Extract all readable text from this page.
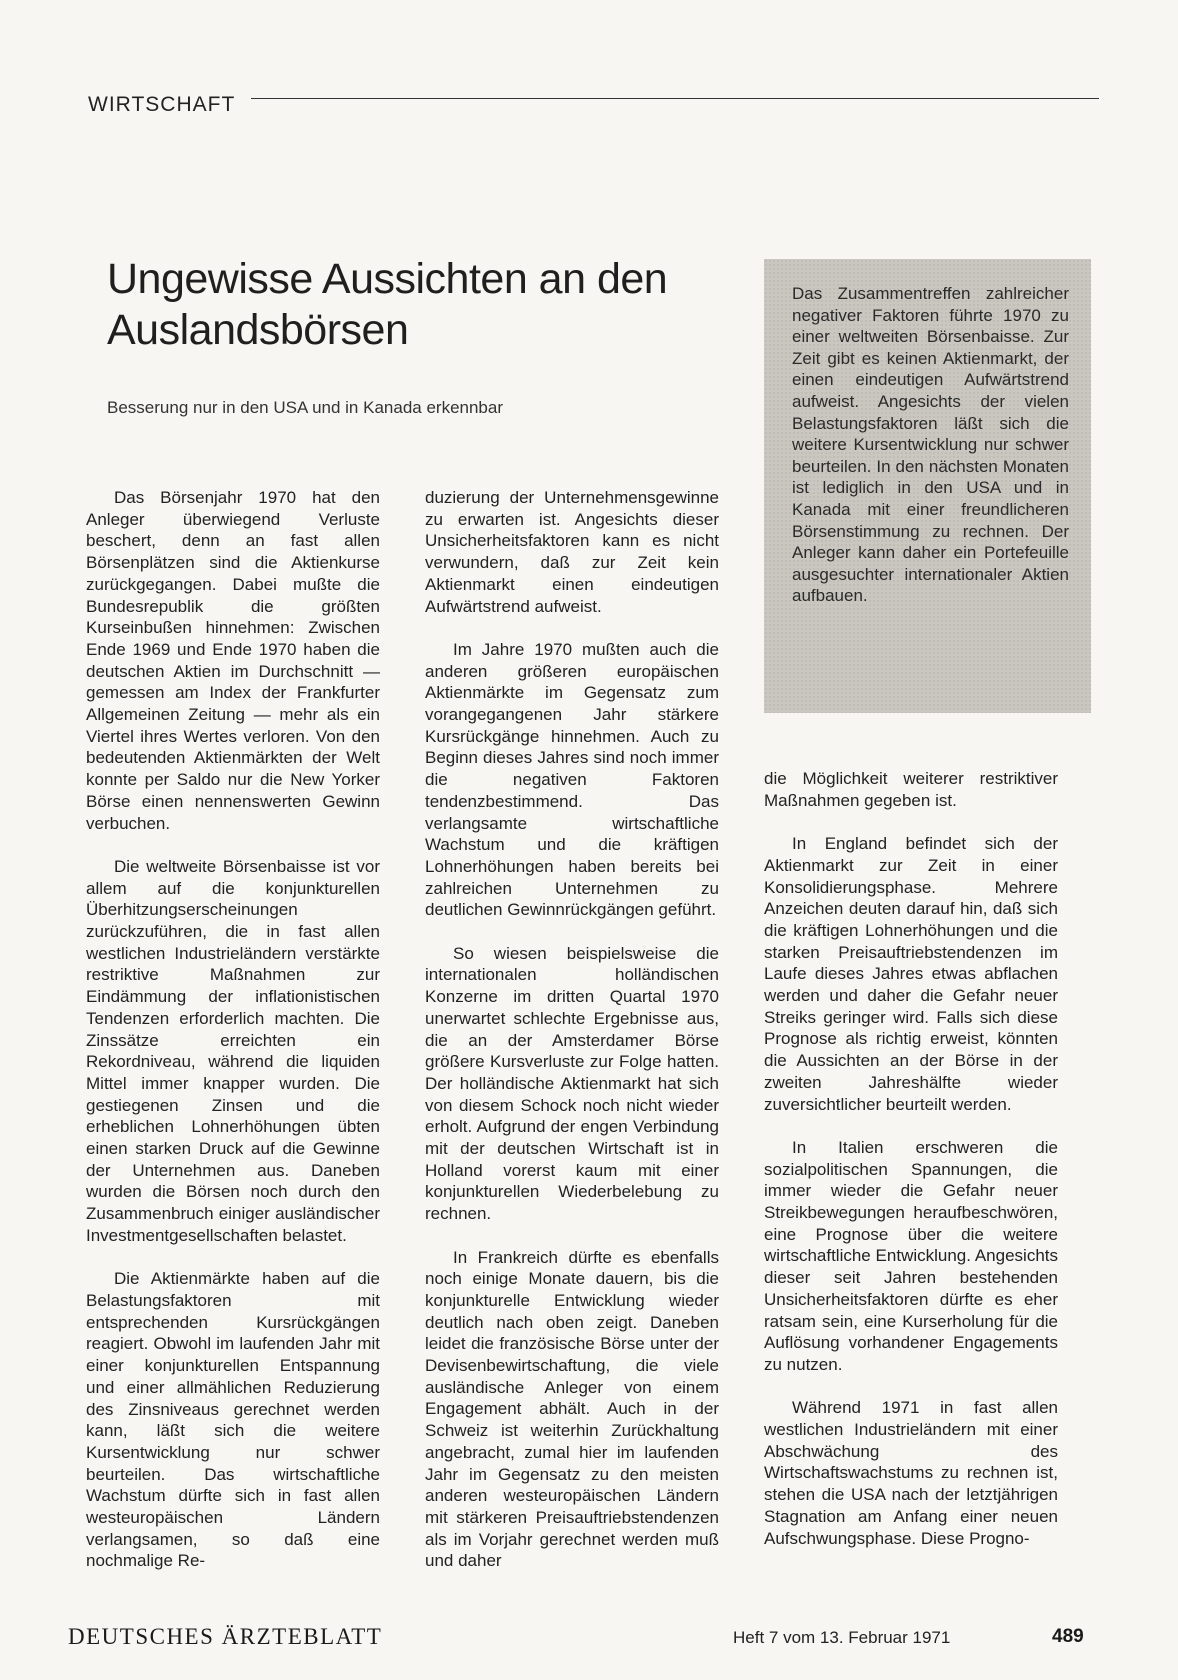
WIRTSCHAFT
Ungewisse Aussichten an den Auslandsbörsen

Besserung nur in den USA und in Kanada erkennbar

Das Zusammentreffen zahlreicher negativer Faktoren führte 1970 zu einer weltweiten Börsenbaisse. Zur Zeit gibt es keinen Aktienmarkt, der einen eindeutigen Aufwärtstrend aufweist. Angesichts der vielen Belastungsfaktoren läßt sich die weitere Kursentwicklung nur schwer beurteilen. In den nächsten Monaten ist lediglich in den USA und in Kanada mit einer freundlicheren Börsenstimmung zu rechnen. Der Anleger kann daher ein Portefeuille ausgesuchter internationaler Aktien aufbauen.

Das Börsenjahr 1970 hat den Anleger überwiegend Verluste beschert, denn an fast allen Börsenplätzen sind die Aktienkurse zurückgegangen. Dabei mußte die Bundesrepublik die größten Kurseinbußen hinnehmen: Zwischen Ende 1969 und Ende 1970 haben die deutschen Aktien im Durchschnitt — gemessen am Index der Frankfurter Allgemeinen Zeitung — mehr als ein Viertel ihres Wertes verloren. Von den bedeutenden Aktienmärkten der Welt konnte per Saldo nur die New Yorker Börse einen nennenswerten Gewinn verbuchen.

Die weltweite Börsenbaisse ist vor allem auf die konjunkturellen Überhitzungserscheinungen zurückzuführen, die in fast allen westlichen Industrieländern verstärkte restriktive Maßnahmen zur Eindämmung der inflationistischen Tendenzen erforderlich machten. Die Zinssätze erreichten ein Rekordniveau, während die liquiden Mittel immer knapper wurden. Die gestiegenen Zinsen und die erheblichen Lohnerhöhungen übten einen starken Druck auf die Gewinne der Unternehmen aus. Daneben wurden die Börsen noch durch den Zusammenbruch einiger ausländischer Investmentgesellschaften belastet.

Die Aktienmärkte haben auf die Belastungsfaktoren mit entsprechenden Kursrückgängen reagiert. Obwohl im laufenden Jahr mit einer konjunkturellen Entspannung und einer allmählichen Reduzierung des Zinsniveaus gerechnet werden kann, läßt sich die weitere Kursentwicklung nur schwer beurteilen. Das wirtschaftliche Wachstum dürfte sich in fast allen westeuropäischen Ländern verlangsamen, so daß eine nochmalige Re-

duzierung der Unternehmensgewinne zu erwarten ist. Angesichts dieser Unsicherheitsfaktoren kann es nicht verwundern, daß zur Zeit kein Aktienmarkt einen eindeutigen Aufwärtstrend aufweist.

Im Jahre 1970 mußten auch die anderen größeren europäischen Aktienmärkte im Gegensatz zum vorangegangenen Jahr stärkere Kursrückgänge hinnehmen. Auch zu Beginn dieses Jahres sind noch immer die negativen Faktoren tendenzbestimmend. Das verlangsamte wirtschaftliche Wachstum und die kräftigen Lohnerhöhungen haben bereits bei zahlreichen Unternehmen zu deutlichen Gewinnrückgängen geführt.

So wiesen beispielsweise die internationalen holländischen Konzerne im dritten Quartal 1970 unerwartet schlechte Ergebnisse aus, die an der Amsterdamer Börse größere Kursverluste zur Folge hatten. Der holländische Aktienmarkt hat sich von diesem Schock noch nicht wieder erholt. Aufgrund der engen Verbindung mit der deutschen Wirtschaft ist in Holland vorerst kaum mit einer konjunkturellen Wiederbelebung zu rechnen.

In Frankreich dürfte es ebenfalls noch einige Monate dauern, bis die konjunkturelle Entwicklung wieder deutlich nach oben zeigt. Daneben leidet die französische Börse unter der Devisenbewirtschaftung, die viele ausländische Anleger von einem Engagement abhält. Auch in der Schweiz ist weiterhin Zurückhaltung angebracht, zumal hier im laufenden Jahr im Gegensatz zu den meisten anderen westeuropäischen Ländern mit stärkeren Preisauftriebstendenzen als im Vorjahr gerechnet werden muß und daher

die Möglichkeit weiterer restriktiver Maßnahmen gegeben ist.

In England befindet sich der Aktienmarkt zur Zeit in einer Konsolidierungsphase. Mehrere Anzeichen deuten darauf hin, daß sich die kräftigen Lohnerhöhungen und die starken Preisauftriebstendenzen im Laufe dieses Jahres etwas abflachen werden und daher die Gefahr neuer Streiks geringer wird. Falls sich diese Prognose als richtig erweist, könnten die Aussichten an der Börse in der zweiten Jahreshälfte wieder zuversichtlicher beurteilt werden.

In Italien erschweren die sozialpolitischen Spannungen, die immer wieder die Gefahr neuer Streikbewegungen heraufbeschwören, eine Prognose über die weitere wirtschaftliche Entwicklung. Angesichts dieser seit Jahren bestehenden Unsicherheitsfaktoren dürfte es eher ratsam sein, eine Kurserholung für die Auflösung vorhandener Engagements zu nutzen.

Während 1971 in fast allen westlichen Industrieländern mit einer Abschwächung des Wirtschaftswachstums zu rechnen ist, stehen die USA nach der letztjährigen Stagnation am Anfang einer neuen Aufschwungsphase. Diese Progno-

DEUTSCHES ÄRZTEBLATT	Heft 7 vom 13. Februar 1971	489
